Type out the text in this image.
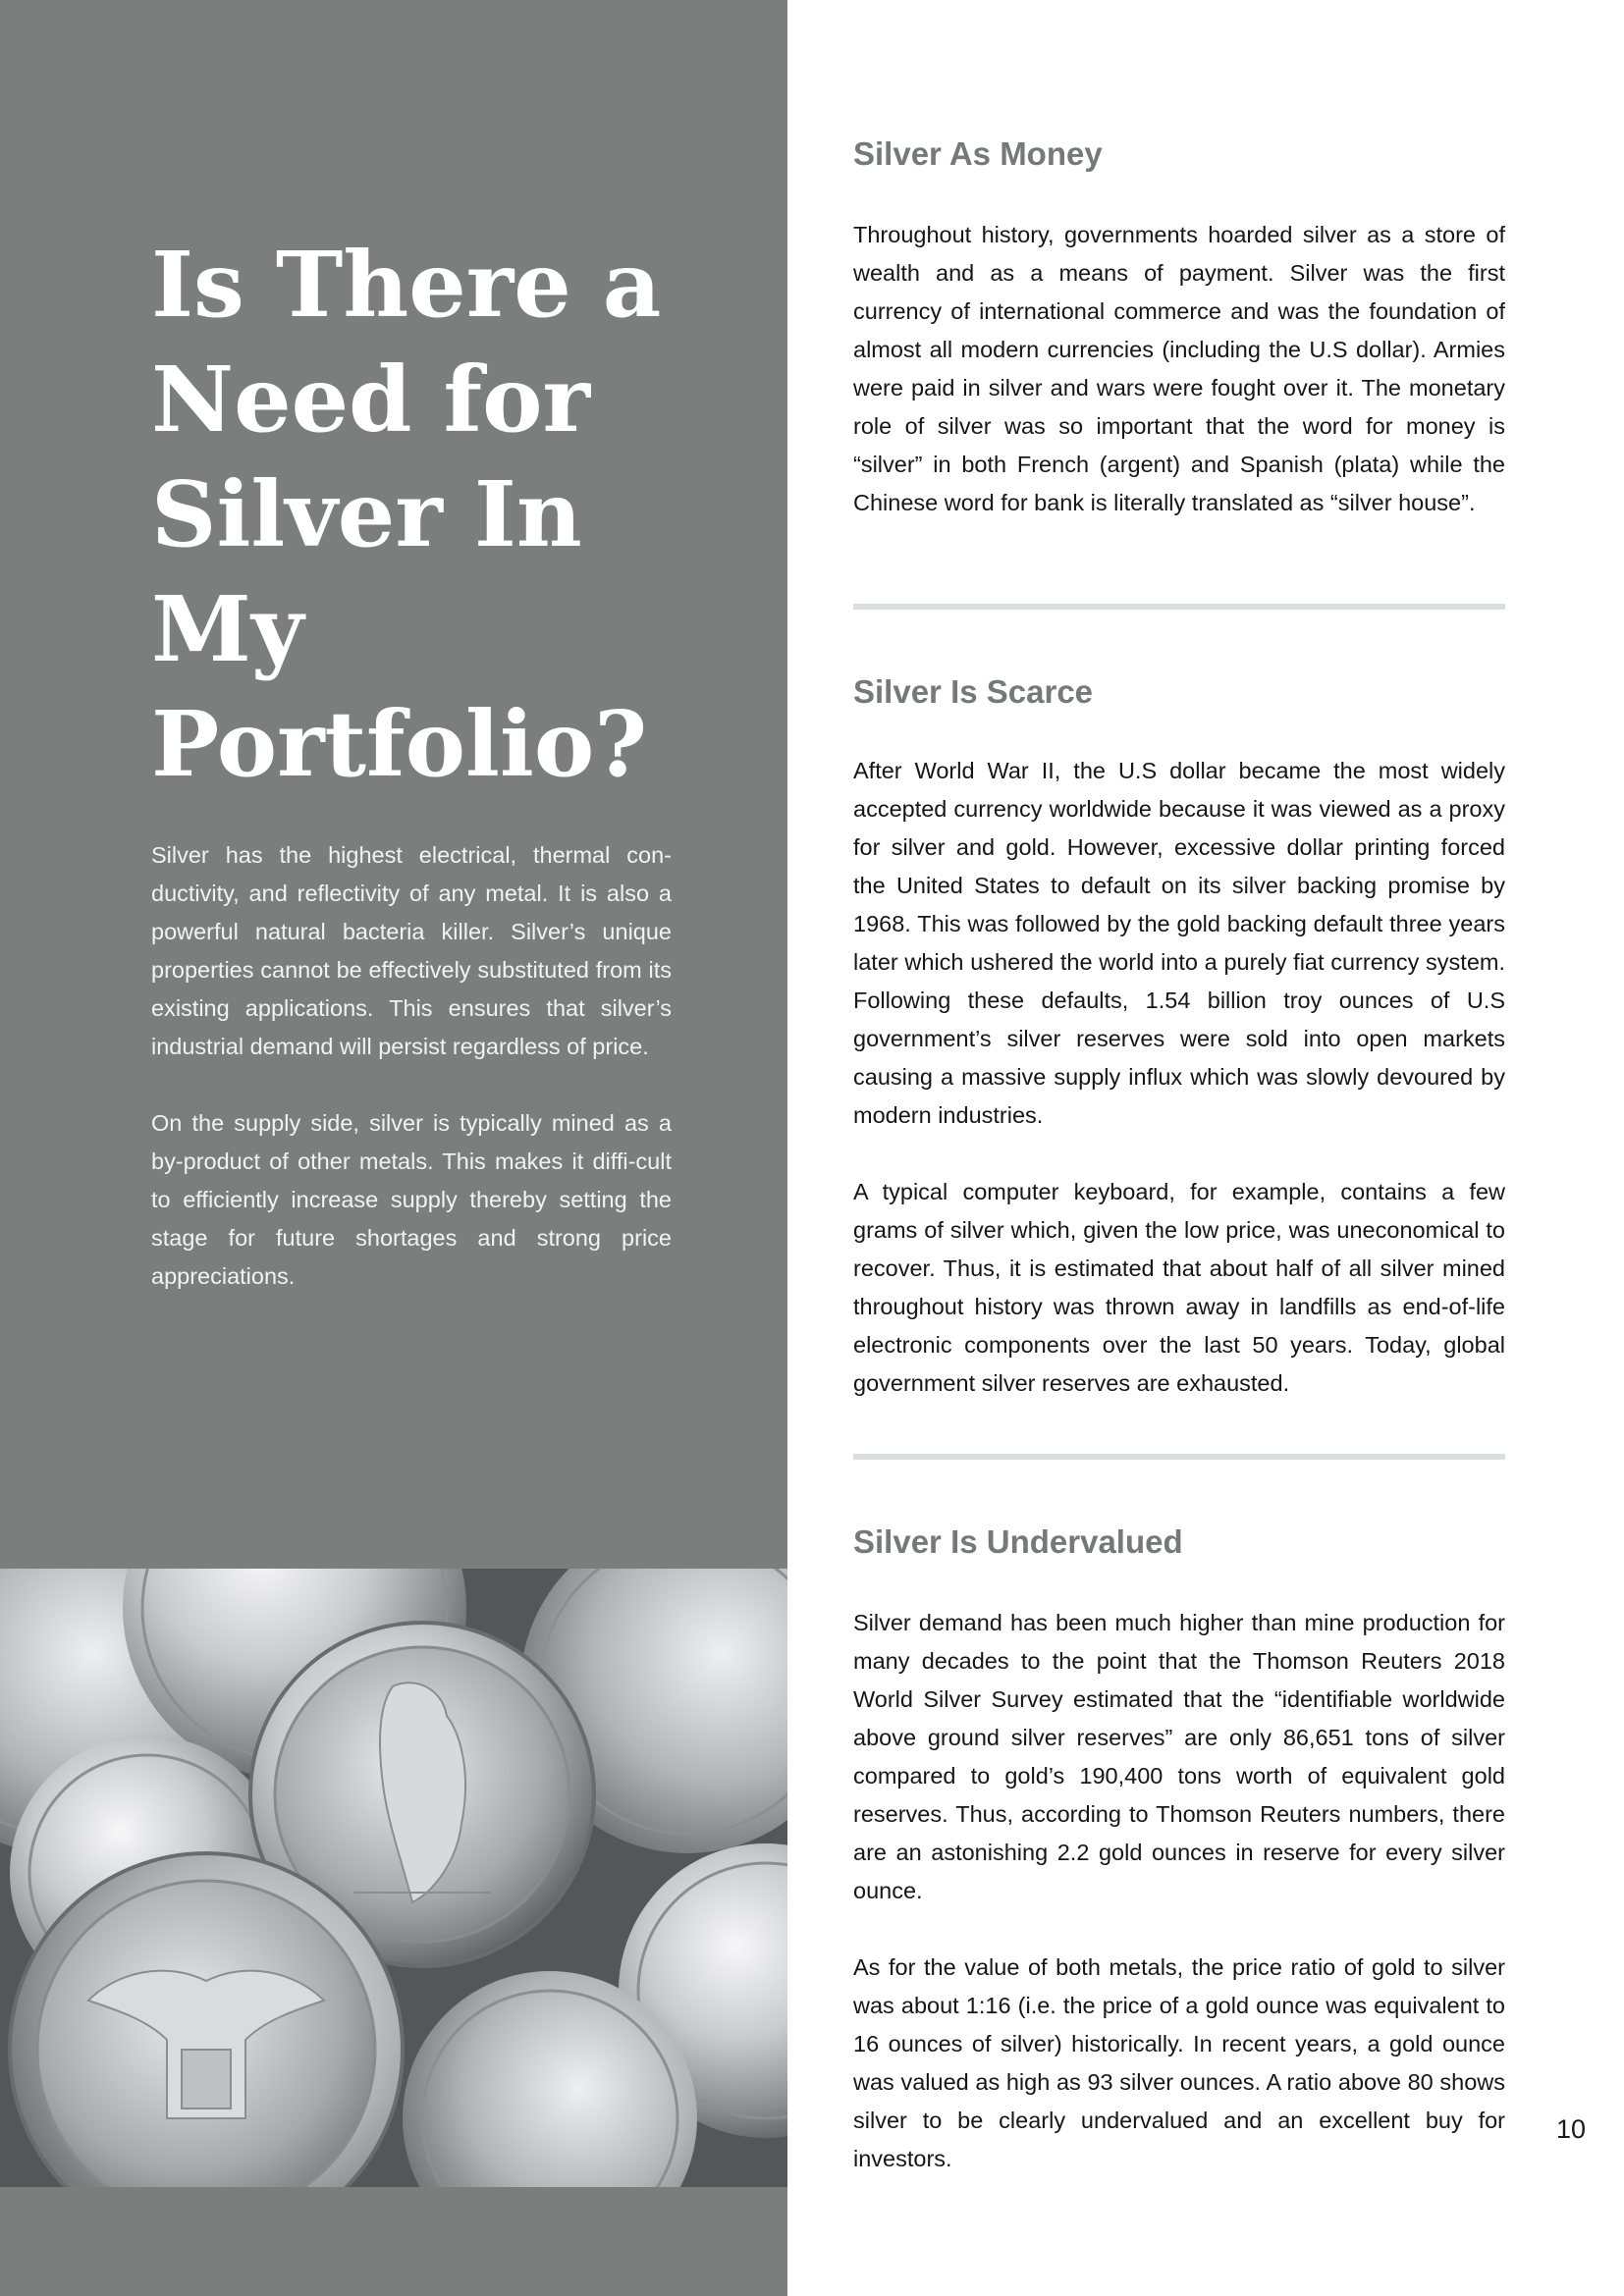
Is There a Need for Silver In My Portfolio?

Silver has the highest electrical, thermal con-ductivity, and reflectivity of any metal. It is also a powerful natural bacteria killer. Silver’s unique properties cannot be effectively substituted from its existing applications. This ensures that silver’s industrial demand will persist regardless of price.

On the supply side, silver is typically mined as a by-product of other metals. This makes it diffi-cult to efficiently increase supply thereby setting the stage for future shortages and strong price appreciations.

Silver As Money

Throughout history, governments hoarded silver as a store of wealth and as a means of payment. Silver was the first currency of international commerce and was the foundation of almost all modern currencies (including the U.S dollar). Armies were paid in silver and wars were fought over it. The monetary role of silver was so important that the word for money is “silver” in both French (argent) and Spanish (plata) while the Chinese word for bank is literally translated as “silver house”.

Silver Is Scarce

After World War II, the U.S dollar became the most widely accepted currency worldwide because it was viewed as a proxy for silver and gold. However, excessive dollar printing forced the United States to default on its silver backing promise by 1968. This was followed by the gold backing default three years later which ushered the world into a purely fiat currency system. Following these defaults, 1.54 billion troy ounces of U.S government’s silver reserves were sold into open markets causing a massive supply influx which was slowly devoured by modern industries.

A typical computer keyboard, for example, contains a few grams of silver which, given the low price, was uneconomical to recover. Thus, it is estimated that about half of all silver mined throughout history was thrown away in landfills as end-of-life electronic components over the last 50 years. Today, global government silver reserves are exhausted.

Silver Is Undervalued

Silver demand has been much higher than mine production for many decades to the point that the Thomson Reuters 2018 World Silver Survey estimated that the “identifiable worldwide above ground silver reserves” are only 86,651 tons of silver compared to gold’s 190,400 tons worth of equivalent gold reserves. Thus, according to Thomson Reuters numbers, there are an astonishing 2.2 gold ounces in reserve for every silver ounce.

As for the value of both metals, the price ratio of gold to silver was about 1:16 (i.e. the price of a gold ounce was equivalent to 16 ounces of silver) historically. In recent years, a gold ounce was valued as high as 93 silver ounces. A ratio above 80 shows silver to be clearly undervalued and an excellent buy for investors.

10
